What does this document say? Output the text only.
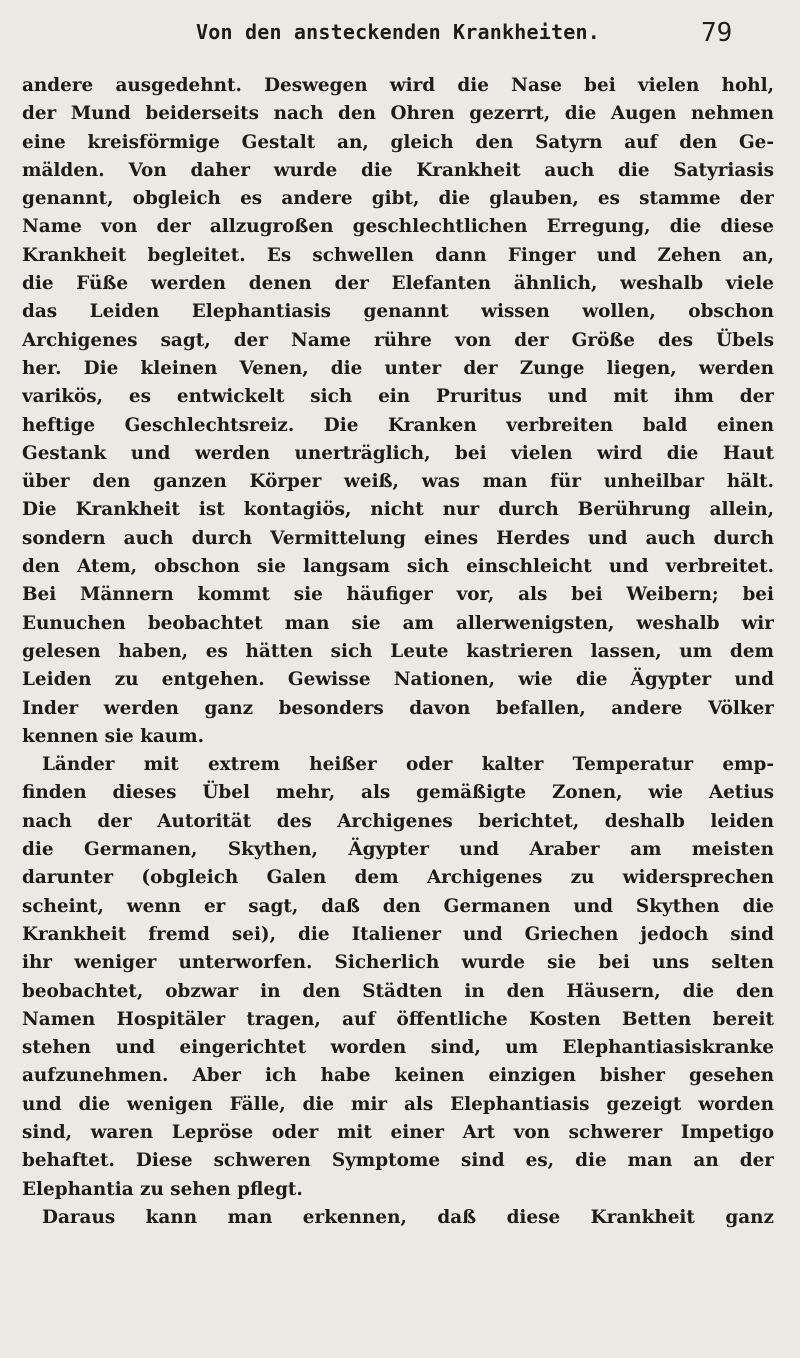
Von den ansteckenden Krankheiten.	79
andere ausgedehnt. Deswegen wird die Nase bei vielen hohl,
der Mund beiderseits nach den Ohren gezerrt, die Augen nehmen
eine kreisförmige Gestalt an, gleich den Satyrn auf den Ge-
mälden. Von daher wurde die Krankheit auch die Satyriasis
genannt, obgleich es andere gibt, die glauben, es stamme der
Name von der allzugroßen geschlechtlichen Erregung, die diese
Krankheit begleitet. Es schwellen dann Finger und Zehen an,
die Füße werden denen der Elefanten ähnlich, weshalb viele
das Leiden Elephantiasis genannt wissen wollen, obschon
Archigenes sagt, der Name rühre von der Größe des Übels
her. Die kleinen Venen, die unter der Zunge liegen, werden
varikös, es entwickelt sich ein Pruritus und mit ihm der
heftige Geschlechtsreiz. Die Kranken verbreiten bald einen
Gestank und werden unerträglich, bei vielen wird die Haut
über den ganzen Körper weiß, was man für unheilbar hält.
Die Krankheit ist kontagiös, nicht nur durch Berührung allein,
sondern auch durch Vermittelung eines Herdes und auch durch
den Atem, obschon sie langsam sich einschleicht und verbreitet.
Bei Männern kommt sie häufiger vor, als bei Weibern; bei
Eunuchen beobachtet man sie am allerwenigsten, weshalb wir
gelesen haben, es hätten sich Leute kastrieren lassen, um dem
Leiden zu entgehen. Gewisse Nationen, wie die Ägypter und
Inder werden ganz besonders davon befallen, andere Völker
kennen sie kaum.
Länder mit extrem heißer oder kalter Temperatur emp-
finden dieses Übel mehr, als gemäßigte Zonen, wie Aetius
nach der Autorität des Archigenes berichtet, deshalb leiden
die Germanen, Skythen, Ägypter und Araber am meisten
darunter (obgleich Galen dem Archigenes zu widersprechen
scheint, wenn er sagt, daß den Germanen und Skythen die
Krankheit fremd sei), die Italiener und Griechen jedoch sind
ihr weniger unterworfen. Sicherlich wurde sie bei uns selten
beobachtet, obzwar in den Städten in den Häusern, die den
Namen Hospitäler tragen, auf öffentliche Kosten Betten bereit
stehen und eingerichtet worden sind, um Elephantiasiskranke
aufzunehmen. Aber ich habe keinen einzigen bisher gesehen
und die wenigen Fälle, die mir als Elephantiasis gezeigt worden
sind, waren Lepröse oder mit einer Art von schwerer Impetigo
behaftet. Diese schweren Symptome sind es, die man an der
Elephantia zu sehen pflegt.
Daraus kann man erkennen, daß diese Krankheit ganz
